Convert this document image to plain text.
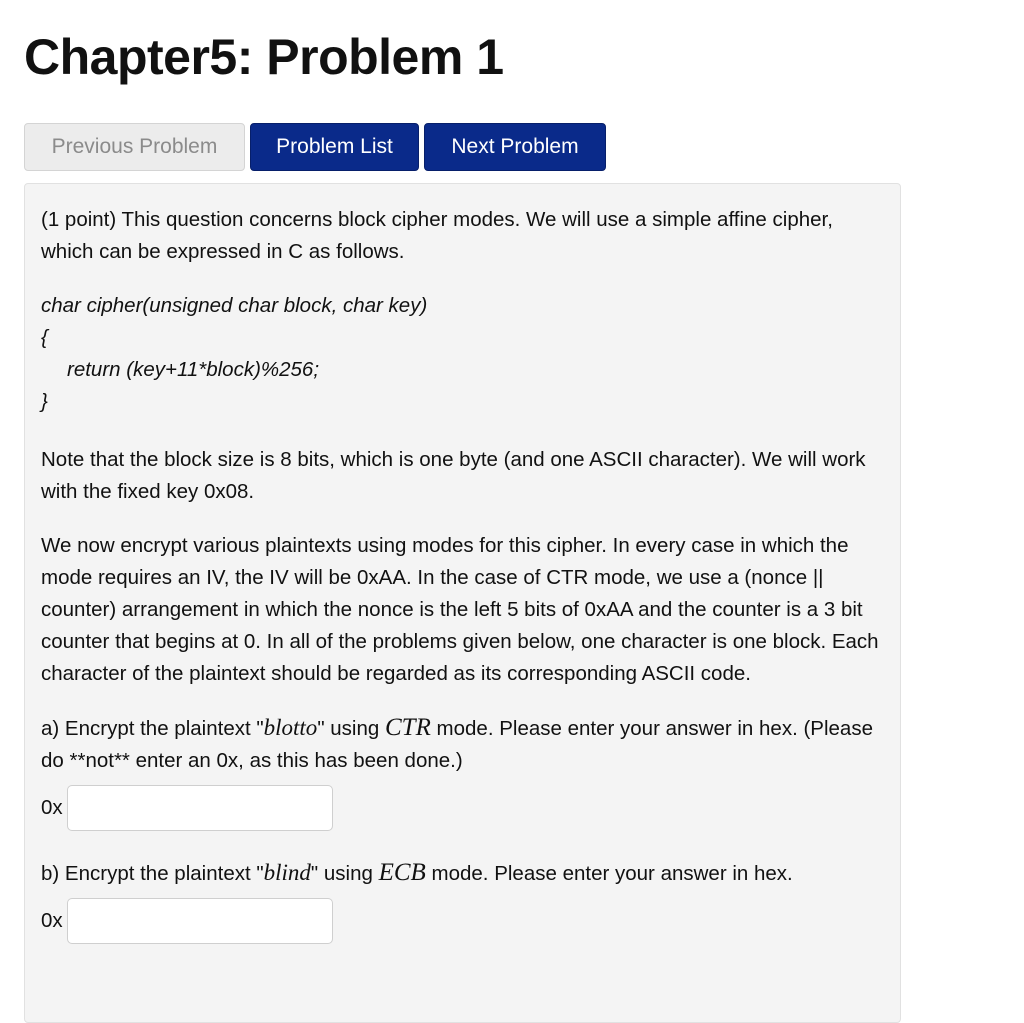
Chapter5: Problem 1
Previous Problem	Problem List	Next Problem

(1 point) This question concerns block cipher modes. We will use a simple affine cipher, which can be expressed in C as follows.

char cipher(unsigned char block, char key)
{
return (key+11*block)%256;
}

Note that the block size is 8 bits, which is one byte (and one ASCII character). We will work with the fixed key 0x08.

We now encrypt various plaintexts using modes for this cipher. In every case in which the mode requires an IV, the IV will be 0xAA. In the case of CTR mode, we use a (nonce || counter) arrangement in which the nonce is the left 5 bits of 0xAA and the counter is a 3 bit counter that begins at 0. In all of the problems given below, one character is one block. Each character of the plaintext should be regarded as its corresponding ASCII code.

a) Encrypt the plaintext "blotto" using CTR mode. Please enter your answer in hex. (Please do **not** enter an 0x, as this has been done.)

0x

b) Encrypt the plaintext "blind" using ECB mode. Please enter your answer in hex.

0x
